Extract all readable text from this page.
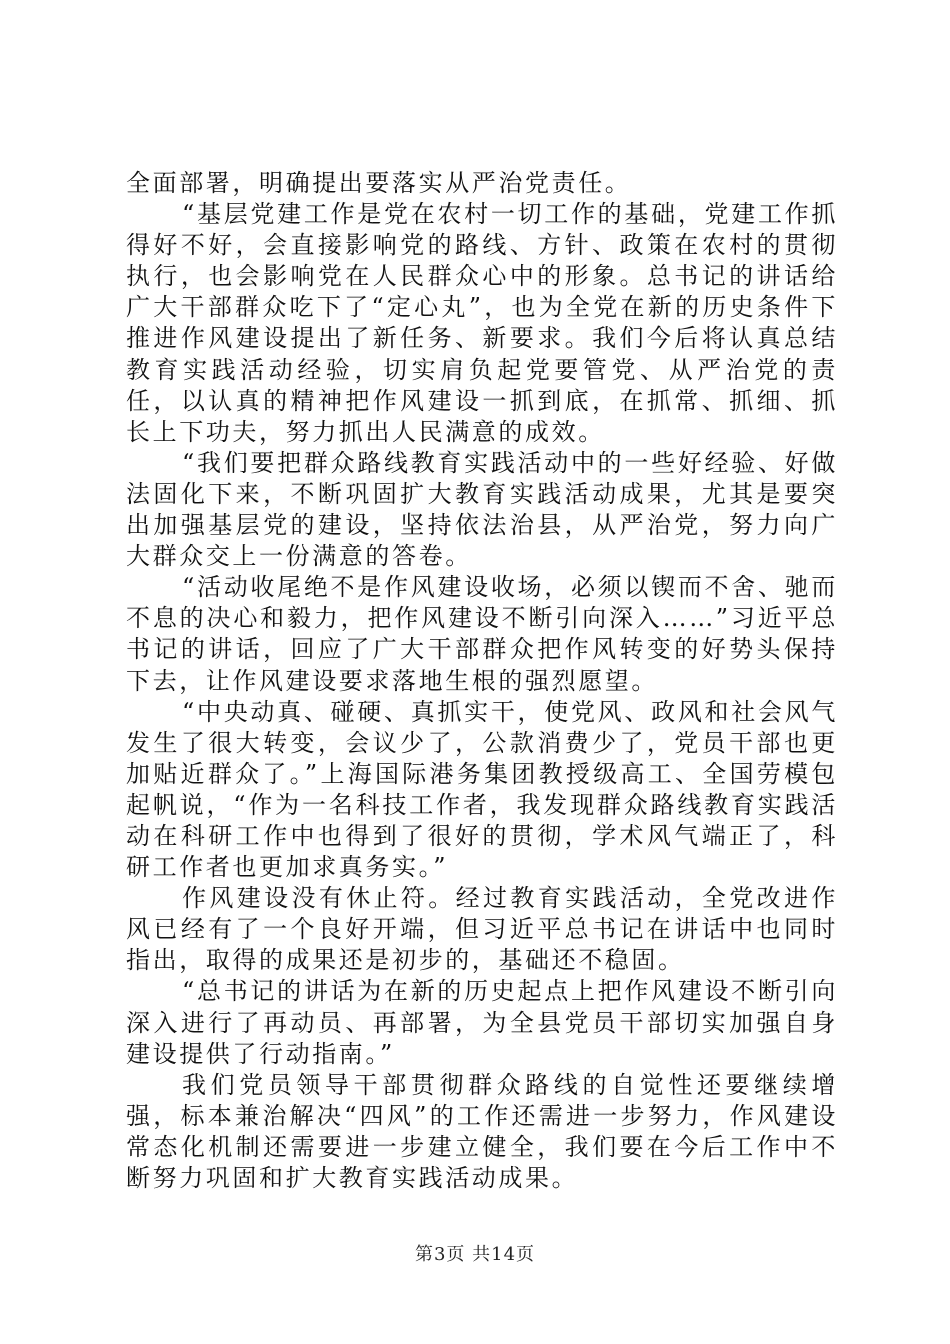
全面部署，明确提出要落实从严治党责任。

“基层党建工作是党在农村一切工作的基础，党建工作抓得好不好，会直接影响党的路线、方针、政策在农村的贯彻执行，也会影响党在人民群众心中的形象。总书记的讲话给广大干部群众吃下了“定心丸”，也为全党在新的历史条件下推进作风建设提出了新任务、新要求。我们今后将认真总结教育实践活动经验，切实肩负起党要管党、从严治党的责任，以认真的精神把作风建设一抓到底，在抓常、抓细、抓长上下功夫，努力抓出人民满意的成效。

“我们要把群众路线教育实践活动中的一些好经验、好做法固化下来，不断巩固扩大教育实践活动成果，尤其是要突出加强基层党的建设，坚持依法治县，从严治党，努力向广大群众交上一份满意的答卷。

“活动收尾绝不是作风建设收场，必须以锲而不舍、驰而不息的决心和毅力，把作风建设不断引向深入……”习近平总书记的讲话，回应了广大干部群众把作风转变的好势头保持下去，让作风建设要求落地生根的强烈愿望。

“中央动真、碰硬、真抓实干，使党风、政风和社会风气发生了很大转变，会议少了，公款消费少了，党员干部也更加贴近群众了。”上海国际港务集团教授级高工、全国劳模包起帆说，“作为一名科技工作者，我发现群众路线教育实践活动在科研工作中也得到了很好的贯彻，学术风气端正了，科研工作者也更加求真务实。”

作风建设没有休止符。经过教育实践活动，全党改进作风已经有了一个良好开端，但习近平总书记在讲话中也同时指出，取得的成果还是初步的，基础还不稳固。

“总书记的讲话为在新的历史起点上把作风建设不断引向深入进行了再动员、再部署，为全县党员干部切实加强自身建设提供了行动指南。”

我们党员领导干部贯彻群众路线的自觉性还要继续增强，标本兼治解决“四风”的工作还需进一步努力，作风建设常态化机制还需要进一步建立健全，我们要在今后工作中不断努力巩固和扩大教育实践活动成果。

第3页 共14页
